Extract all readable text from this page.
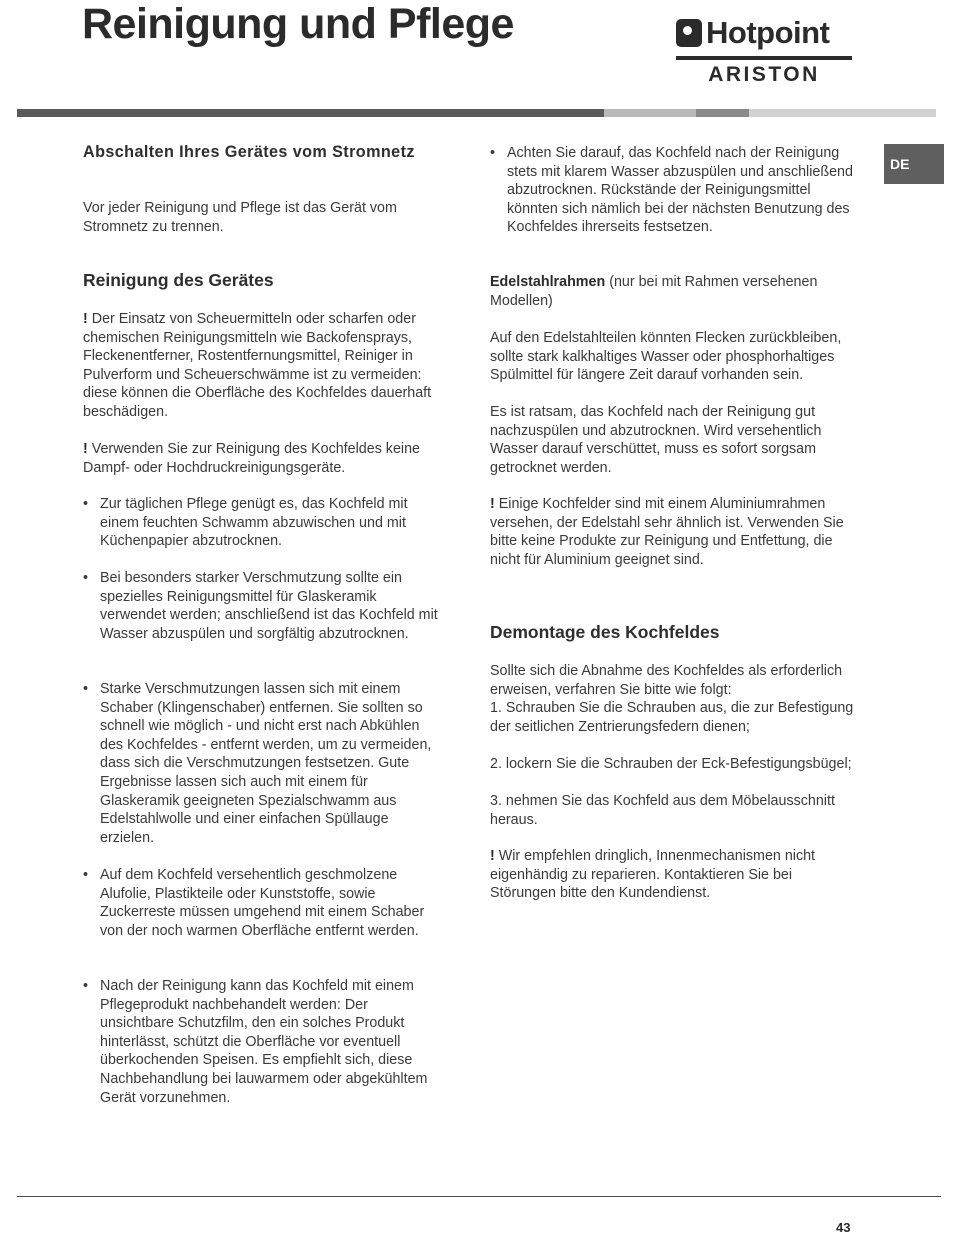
Reinigung und Pflege	Hotpoint
ARISTON
DE
Abschalten Ihres Gerätes vom Stromnetz

Vor jeder Reinigung und Pflege ist das Gerät vom Stromnetz zu trennen.

Reinigung des Gerätes

! Der Einsatz von Scheuermitteln oder scharfen oder chemischen Reinigungsmitteln wie Backofensprays, Fleckenentferner, Rostentfernungsmittel, Reiniger in Pulverform und Scheuerschwämme ist zu vermeiden: diese können die Oberfläche des Kochfeldes dauerhaft beschädigen.

! Verwenden Sie zur Reinigung des Kochfeldes keine Dampf- oder Hochdruckreinigungsgeräte.

• Zur täglichen Pflege genügt es, das Kochfeld mit einem feuchten Schwamm abzuwischen und mit Küchenpapier abzutrocknen.

• Bei besonders starker Verschmutzung sollte ein spezielles Reinigungsmittel für Glaskeramik verwendet werden; anschließend ist das Kochfeld mit Wasser abzuspülen und sorgfältig abzutrocknen.

• Starke Verschmutzungen lassen sich mit einem Schaber (Klingenschaber) entfernen. Sie sollten so schnell wie möglich - und nicht erst nach Abkühlen des Kochfeldes - entfernt werden, um zu vermeiden, dass sich die Verschmutzungen festsetzen. Gute Ergebnisse lassen sich auch mit einem für Glaskeramik geeigneten Spezialschwamm aus Edelstahlwolle und einer einfachen Spüllauge erzielen.

• Auf dem Kochfeld versehentlich geschmolzene Alufolie, Plastikteile oder Kunststoffe, sowie Zuckerreste müssen umgehend mit einem Schaber von der noch warmen Oberfläche entfernt werden.

• Nach der Reinigung kann das Kochfeld mit einem Pflegeprodukt nachbehandelt werden: Der unsichtbare Schutzfilm, den ein solches Produkt hinterlässt, schützt die Oberfläche vor eventuell überkochenden Speisen. Es empfiehlt sich, diese Nachbehandlung bei lauwarmem oder abgekühltem Gerät vorzunehmen.

• Achten Sie darauf, das Kochfeld nach der Reinigung stets mit klarem Wasser abzuspülen und anschließend abzutrocknen. Rückstände der Reinigungsmittel könnten sich nämlich bei der nächsten Benutzung des Kochfeldes ihrerseits festsetzen.

Edelstahlrahmen (nur bei mit Rahmen versehenen Modellen)

Auf den Edelstahlteilen könnten Flecken zurückbleiben, sollte stark kalkhaltiges Wasser oder phosphorhaltiges Spülmittel für längere Zeit darauf vorhanden sein.

Es ist ratsam, das Kochfeld nach der Reinigung gut nachzuspülen und abzutrocknen. Wird versehentlich Wasser darauf verschüttet, muss es sofort sorgsam getrocknet werden.

! Einige Kochfelder sind mit einem Aluminiumrahmen versehen, der Edelstahl sehr ähnlich ist. Verwenden Sie bitte keine Produkte zur Reinigung und Entfettung, die nicht für Aluminium geeignet sind.

Demontage des Kochfeldes

Sollte sich die Abnahme des Kochfeldes als erforderlich erweisen, verfahren Sie bitte wie folgt:

1. Schrauben Sie die Schrauben aus, die zur Befestigung der seitlichen Zentrierungsfedern dienen;

2. lockern Sie die Schrauben der Eck-Befestigungsbügel;

3. nehmen Sie das Kochfeld aus dem Möbelausschnitt heraus.

! Wir empfehlen dringlich, Innenmechanismen nicht eigenhändig zu reparieren. Kontaktieren Sie bei Störungen bitte den Kundendienst.

43
